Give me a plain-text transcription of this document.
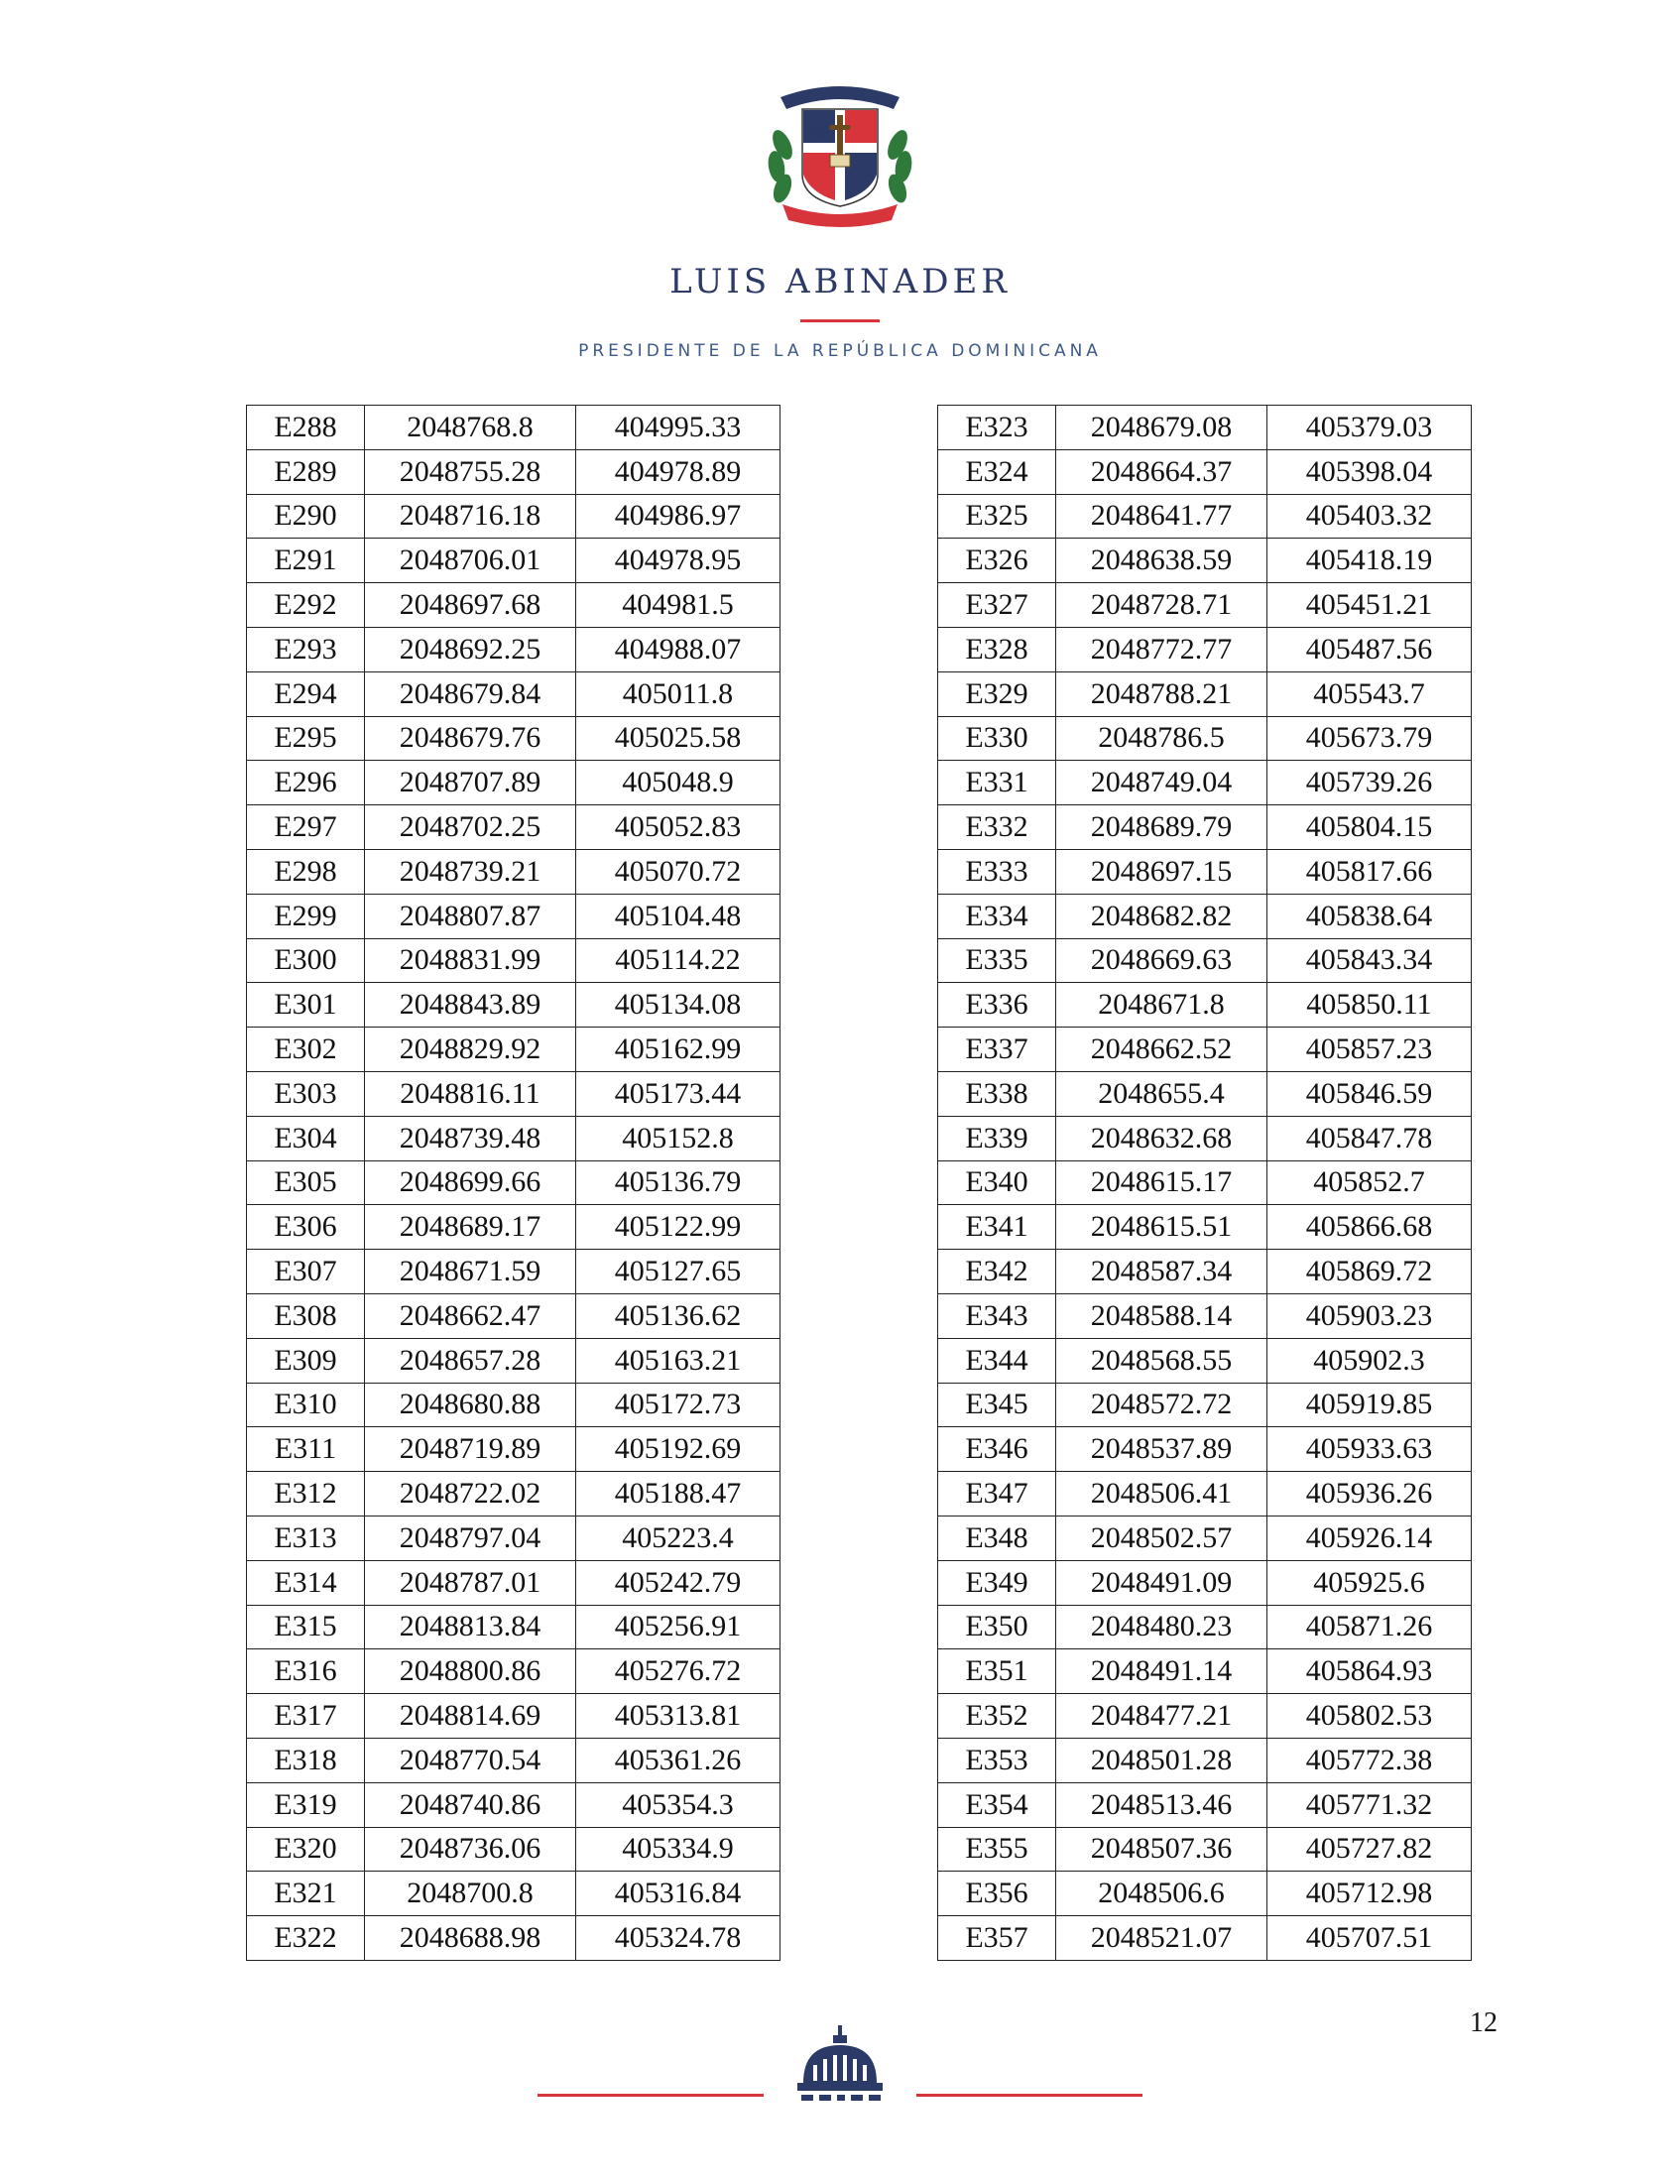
LUIS ABINADER
PRESIDENTE DE LA REPÚBLICA DOMINICANA
E288	2048768.8	404995.33
E289	2048755.28	404978.89
E290	2048716.18	404986.97
E291	2048706.01	404978.95
E292	2048697.68	404981.5
E293	2048692.25	404988.07
E294	2048679.84	405011.8
E295	2048679.76	405025.58
E296	2048707.89	405048.9
E297	2048702.25	405052.83
E298	2048739.21	405070.72
E299	2048807.87	405104.48
E300	2048831.99	405114.22
E301	2048843.89	405134.08
E302	2048829.92	405162.99
E303	2048816.11	405173.44
E304	2048739.48	405152.8
E305	2048699.66	405136.79
E306	2048689.17	405122.99
E307	2048671.59	405127.65
E308	2048662.47	405136.62
E309	2048657.28	405163.21
E310	2048680.88	405172.73
E311	2048719.89	405192.69
E312	2048722.02	405188.47
E313	2048797.04	405223.4
E314	2048787.01	405242.79
E315	2048813.84	405256.91
E316	2048800.86	405276.72
E317	2048814.69	405313.81
E318	2048770.54	405361.26
E319	2048740.86	405354.3
E320	2048736.06	405334.9
E321	2048700.8	405316.84
E322	2048688.98	405324.78
E323	2048679.08	405379.03
E324	2048664.37	405398.04
E325	2048641.77	405403.32
E326	2048638.59	405418.19
E327	2048728.71	405451.21
E328	2048772.77	405487.56
E329	2048788.21	405543.7
E330	2048786.5	405673.79
E331	2048749.04	405739.26
E332	2048689.79	405804.15
E333	2048697.15	405817.66
E334	2048682.82	405838.64
E335	2048669.63	405843.34
E336	2048671.8	405850.11
E337	2048662.52	405857.23
E338	2048655.4	405846.59
E339	2048632.68	405847.78
E340	2048615.17	405852.7
E341	2048615.51	405866.68
E342	2048587.34	405869.72
E343	2048588.14	405903.23
E344	2048568.55	405902.3
E345	2048572.72	405919.85
E346	2048537.89	405933.63
E347	2048506.41	405936.26
E348	2048502.57	405926.14
E349	2048491.09	405925.6
E350	2048480.23	405871.26
E351	2048491.14	405864.93
E352	2048477.21	405802.53
E353	2048501.28	405772.38
E354	2048513.46	405771.32
E355	2048507.36	405727.82
E356	2048506.6	405712.98
E357	2048521.07	405707.51
12
